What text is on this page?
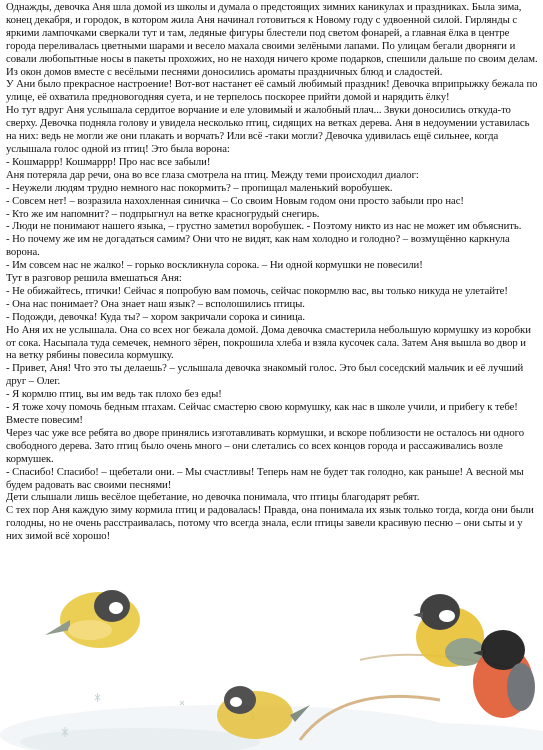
Однажды, девочка Аня шла домой из школы и думала о предстоящих зимних каникулах и праздниках. Была зима, конец декабря, и городок, в котором жила Аня начинал готовиться к Новому году с удвоенной силой. Гирлянды с яркими лампочками сверкали тут и там, ледяные фигуры блестели под светом фонарей, а главная ёлка в центре города переливалась цветными шарами и весело махала своими зелёными лапами. По улицам бегали дворняги и совали любопытные носы в пакеты прохожих, но не находя ничего кроме подарков, спешили дальше по своим делам. Из окон домов вместе с весёлыми песнями доносились ароматы праздничных блюд и сладостей.

У Ани было прекрасное настроение! Вот-вот настанет её самый любимый праздник! Девочка вприпрыжку бежала по улице, её охватила предновогодняя суета, и не терпелось поскорее прийти домой и нарядить ёлку!

Но тут вдруг Аня услышала сердитое ворчание и еле уловимый и жалобный плач... Звуки доносились откуда-то сверху. Девочка подняла голову и увидела несколько птиц, сидящих на ветках дерева. Аня в недоумении уставилась на них: ведь не могли же они плакать и ворчать? Или всё -таки могли? Девочка удивилась ещё сильнее, когда услышала голос одной из птиц! Это была ворона:

- Кошмаррр! Кошмаррр! Про нас все забыли!

Аня потеряла дар речи, она во все глаза смотрела на птиц. Между теми происходил диалог:

- Неужели людям трудно немного нас покормить? – пропищал маленький воробушек.

- Совсем нет! – возразила нахохленная синичка – Со своим Новым годом они просто забыли про нас!

- Кто же им напомнит? – подпрыгнул на ветке красногрудый снегирь.

- Люди не понимают нашего языка, – грустно заметил воробушек. - Поэтому никто из нас не может им объяснить.

- Но почему же им не догадаться самим? Они что не видят, как нам холодно и голодно? – возмущённо каркнула ворона.

- Им совсем нас не жалко! – горько воскликнула сорока. – Ни одной кормушки не повесили!

Тут в разговор решила вмешаться Аня:

- Не обижайтесь, птички! Сейчас я попробую вам помочь, сейчас покормлю вас, вы только никуда не улетайте!

- Она нас понимает? Она знает наш язык? – всполошились птицы.

- Подожди, девочка! Куда ты? – хором закричали сорока и синица.

Но Аня их не услышала. Она со всех ног бежала домой. Дома девочка смастерила небольшую кормушку из коробки от сока. Насыпала туда семечек, немного зёрен, покрошила хлеба и взяла кусочек сала. Затем Аня вышла во двор и на ветку рябины повесила кормушку.

- Привет, Аня! Что это ты делаешь? – услышала девочка знакомый голос. Это был соседский мальчик и её лучший друг – Олег.

- Я кормлю птиц, вы им ведь так плохо без еды!

- Я тоже хочу помочь бедным птахам. Сейчас смастерю свою кормушку, как нас в школе учили, и прибегу к тебе! Вместе повесим!

Через час уже все ребята во дворе принялись изготавливать кормушки, и вскоре поблизости не осталось ни одного свободного дерева. Зато птиц было очень много – они слетались со всех концов города и рассаживались возле кормушек.

- Спасибо! Спасибо! – щебетали они. – Мы счастливы! Теперь нам не будет так голодно, как раньше! А весной мы будем радовать вас своими песнями!

Дети слышали лишь весёлое щебетание, но девочка понимала, что птицы благодарят ребят.

С тех пор Аня каждую зиму кормила птиц и радовалась! Правда, она понимала их язык только тогда, когда они были голодны, но не очень расстраивалась, потому что всегда знала, если птицы завели красивую песню – они сыты и у них зимой всё хорошо!
